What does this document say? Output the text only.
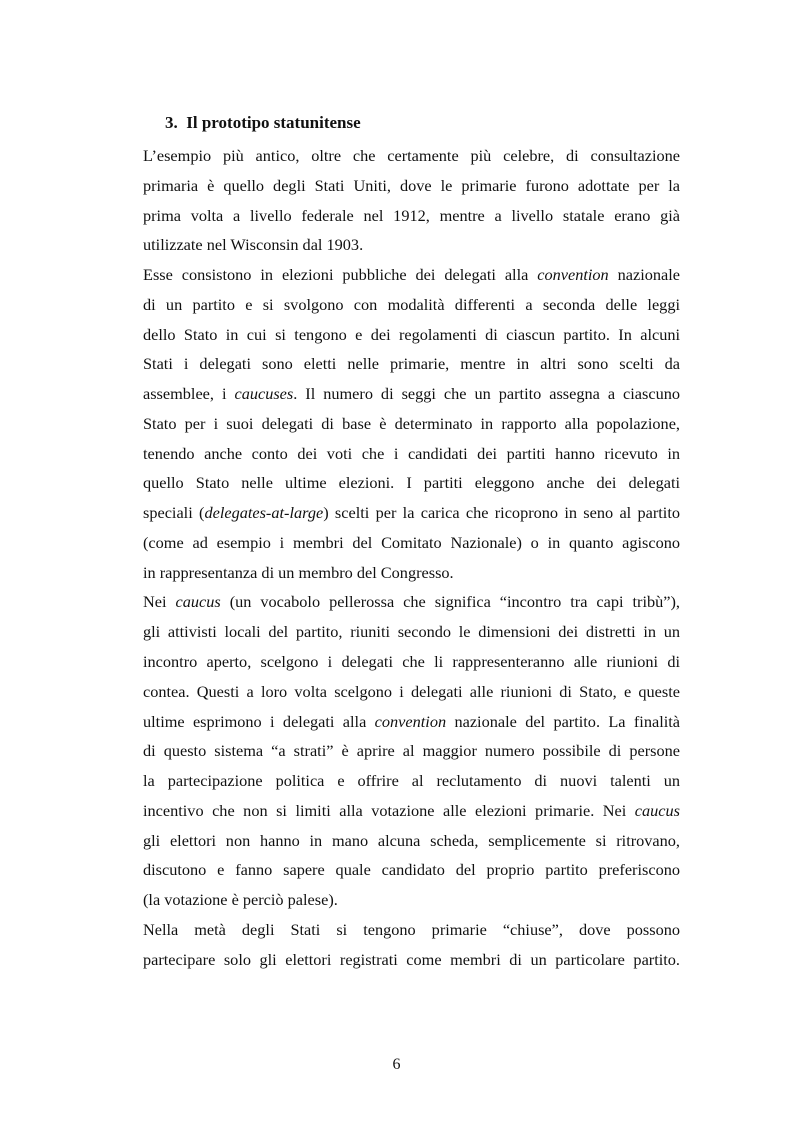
3.  Il prototipo statunitense
L’esempio più antico, oltre che certamente più celebre, di consultazione
primaria è quello degli Stati Uniti, dove le primarie furono adottate per la
prima volta a livello federale nel 1912, mentre a livello statale erano già
utilizzate nel Wisconsin dal 1903.
Esse consistono in elezioni pubbliche dei delegati alla convention nazionale
di un partito e si svolgono con modalità differenti a seconda delle leggi
dello Stato in cui si tengono e dei regolamenti di ciascun partito. In alcuni
Stati i delegati sono eletti nelle primarie, mentre in altri sono scelti da
assemblee, i caucuses. Il numero di seggi che un partito assegna a ciascuno
Stato per i suoi delegati di base è determinato in rapporto alla popolazione,
tenendo anche conto dei voti che i candidati dei partiti hanno ricevuto in
quello Stato nelle ultime elezioni. I partiti eleggono anche dei delegati
speciali (delegates-at-large) scelti per la carica che ricoprono in seno al partito
(come ad esempio i membri del Comitato Nazionale) o in quanto agiscono
in rappresentanza di un membro del Congresso.
Nei caucus (un vocabolo pellerossa che significa “incontro tra capi tribù”),
gli attivisti locali del partito, riuniti secondo le dimensioni dei distretti in un
incontro aperto, scelgono i delegati che li rappresenteranno alle riunioni di
contea. Questi a loro volta scelgono i delegati alle riunioni di Stato, e queste
ultime esprimono i delegati alla convention nazionale del partito. La finalità
di questo sistema “a strati” è aprire al maggior numero possibile di persone
la partecipazione politica e offrire al reclutamento di nuovi talenti un
incentivo che non si limiti alla votazione alle elezioni primarie. Nei caucus
gli elettori non hanno in mano alcuna scheda, semplicemente si ritrovano,
discutono e fanno sapere quale candidato del proprio partito preferiscono
(la votazione è perciò palese).
Nella metà degli Stati si tengono primarie “chiuse”, dove possono
partecipare solo gli elettori registrati come membri di un particolare partito.
6
